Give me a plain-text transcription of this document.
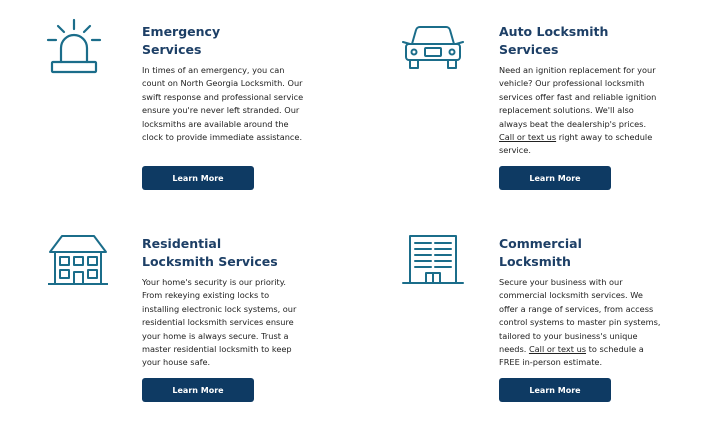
Emergency
Services

In times of an emergency, you can count on North Georgia Locksmith. Our swift response and professional service ensure you're never left stranded. Our locksmiths are available around the clock to provide immediate assistance.

Learn More
Auto Locksmith
Services

Need an ignition replacement for your vehicle? Our professional locksmith services offer fast and reliable ignition replacement solutions. We'll also always beat the dealership's prices. Call or text us right away to schedule service.

Learn More
Residential
Locksmith Services

Your home's security is our priority. From rekeying existing locks to installing electronic lock systems, our residential locksmith services ensure your home is always secure. Trust a master residential locksmith to keep your house safe.

Learn More
Commercial
Locksmith

Secure your business with our commercial locksmith services. We offer a range of services, from access control systems to master pin systems, tailored to your business's unique needs. Call or text us to schedule a FREE in-person estimate.

Learn More
